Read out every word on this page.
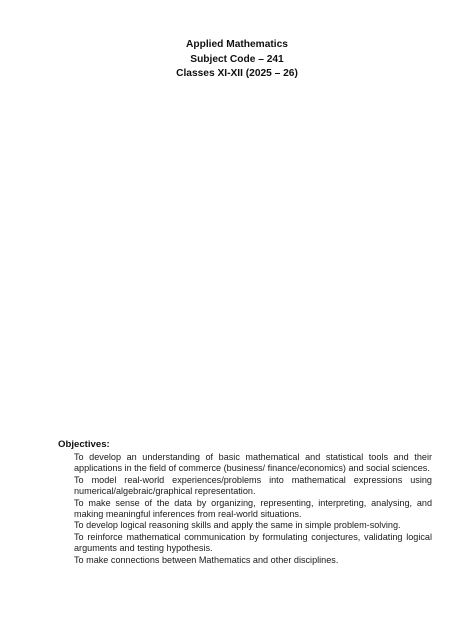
Applied Mathematics

Subject Code – 241

Classes XI-XII (2025 – 26)

Objectives:

To develop an understanding of basic mathematical and statistical tools and their applications in the field of commerce (business/ finance/economics) and social sciences.
To model real-world experiences/problems into mathematical expressions using numerical/algebraic/graphical representation.
To make sense of the data by organizing, representing, interpreting, analysing, and making meaningful inferences from real-world situations.
To develop logical reasoning skills and apply the same in simple problem-solving.
To reinforce mathematical communication by formulating conjectures, validating logical arguments and testing hypothesis.
To make connections between Mathematics and other disciplines.
